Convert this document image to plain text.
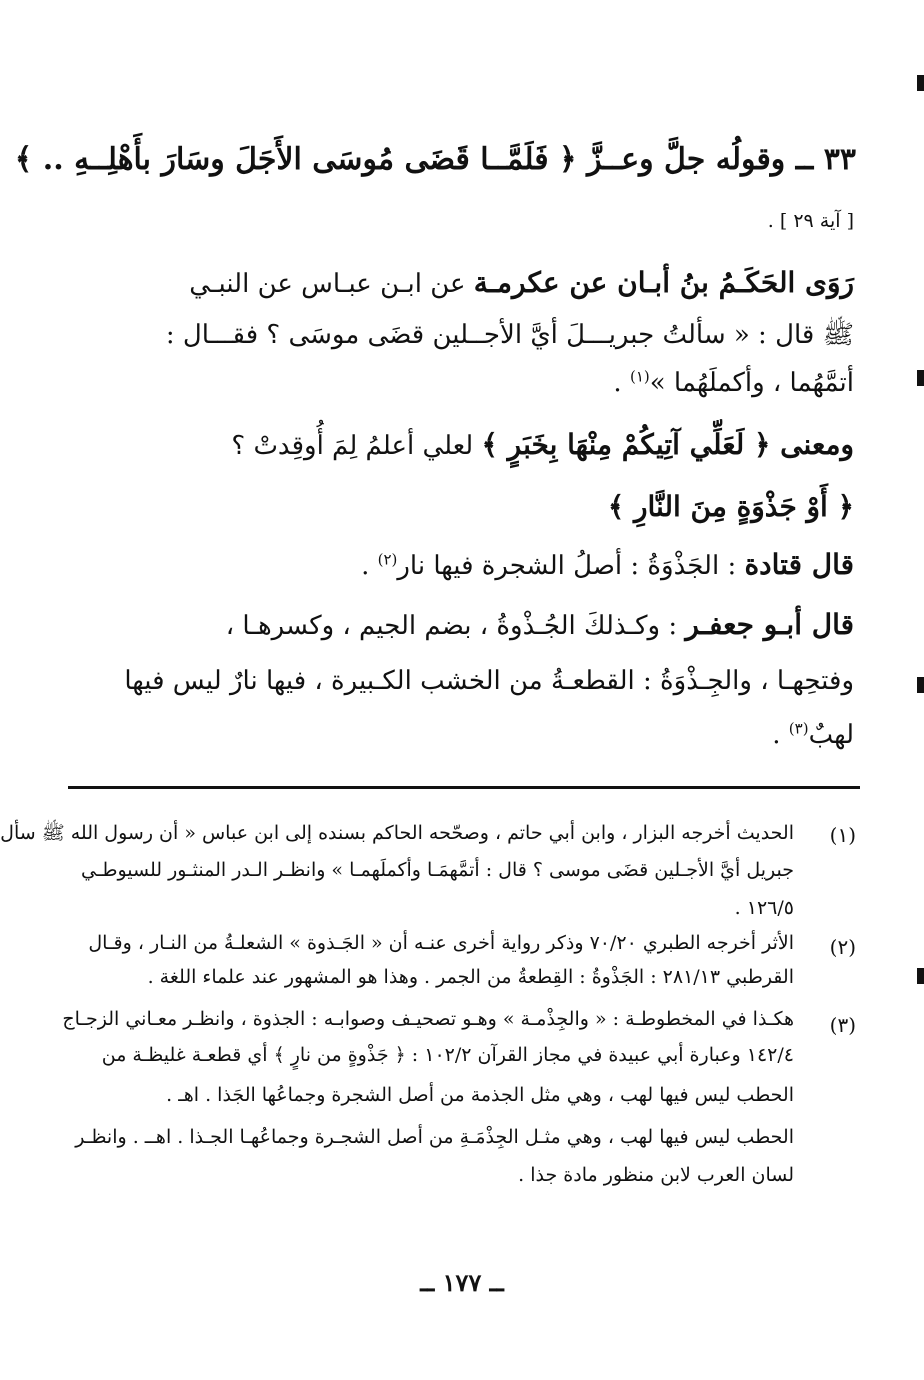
٣٣ ــ وقولُه جلَّ وعــزَّ ﴿ فَلَمَّــا قَضَى مُوسَى الأَجَلَ وسَارَ بأَهْلِــهِ .. ﴾
[ آية ٢٩ ] .
رَوَى الحَكَـمُ بنُ أبـان عن عكرمـة عن ابـن عبـاس عن النبـي
ﷺ قال : « سألتُ جبريـــلَ أيَّ الأجــلين قضَى موسَى ؟ فقـــال :
أتمَّهُما ، وأكملَهُما »$^{(١)}$ .
ومعنى ﴿ لَعَلِّي آتِيكُمْ مِنْهَا بِخَبَرٍ ﴾ لعلي أعلمُ لِمَ أُوقِدتْ ؟
﴿ أَوْ جَذْوَةٍ مِنَ النَّارِ ﴾
قال قتادة : الجَذْوَةُ : أصلُ الشجرة فيها نار$^{(٢)}$ .
قال أبـو جعفـر : وكـذلكَ الجُـذْوةُ ، بضم الجيم ، وكسرهـا ،
وفتحِهـا ، والجِـذْوَةُ : القطعـةُ من الخشب الكـبيرة ، فيها نارٌ ليس فيها
لهبٌ$^{(٣)}$ .
(١)
الحديث أخرجه البزار ، وابن أبي حاتم ، وصحّحه الحاكم بسنده إلى ابن عباس « أن رسول الله ﷺ سأل
جبريل أيَّ الأجـلين قضَى موسى ؟ قال : أتمَّهمَـا وأكملَهمـا » وانظـر الـدر المنثـور للسيوطـي
١٢٦/٥ .
(٢)
الأثر أخرجه الطبري ٧٠/٢٠ وذكر رواية أخرى عنـه أن « الجَـذوة » الشعلـةُ من النـار ، وقـال
القرطبي ٢٨١/١٣ : الجَذْوةُ : القِطعةُ من الجمر . وهذا هو المشهور عند علماء اللغة .
(٣)
هكـذا في المخطوطـة : « والجِذْمـة » وهـو تصحيـف وصوابـه : الجذوة ، وانظـر معـاني الزجـاج
١٤٢/٤ وعبارة أبي عبيدة في مجاز القرآن ١٠٢/٢ : ﴿ جَذْوةٍ من نارٍ ﴾ أي قطعـة غليظـة من
الحطب ليس فيها لهب ، وهي مثل الجذمة من أصل الشجرة وجماعُها الجَذا . اهـ .
الحطب ليس فيها لهب ، وهي مثـل الجِذْمَـةِ من أصل الشجـرة وجماعُهـا الجـذا . اهــ . وانظـر
لسان العرب لابن منظور مادة جذا .
ــ ١٧٧ ــ
